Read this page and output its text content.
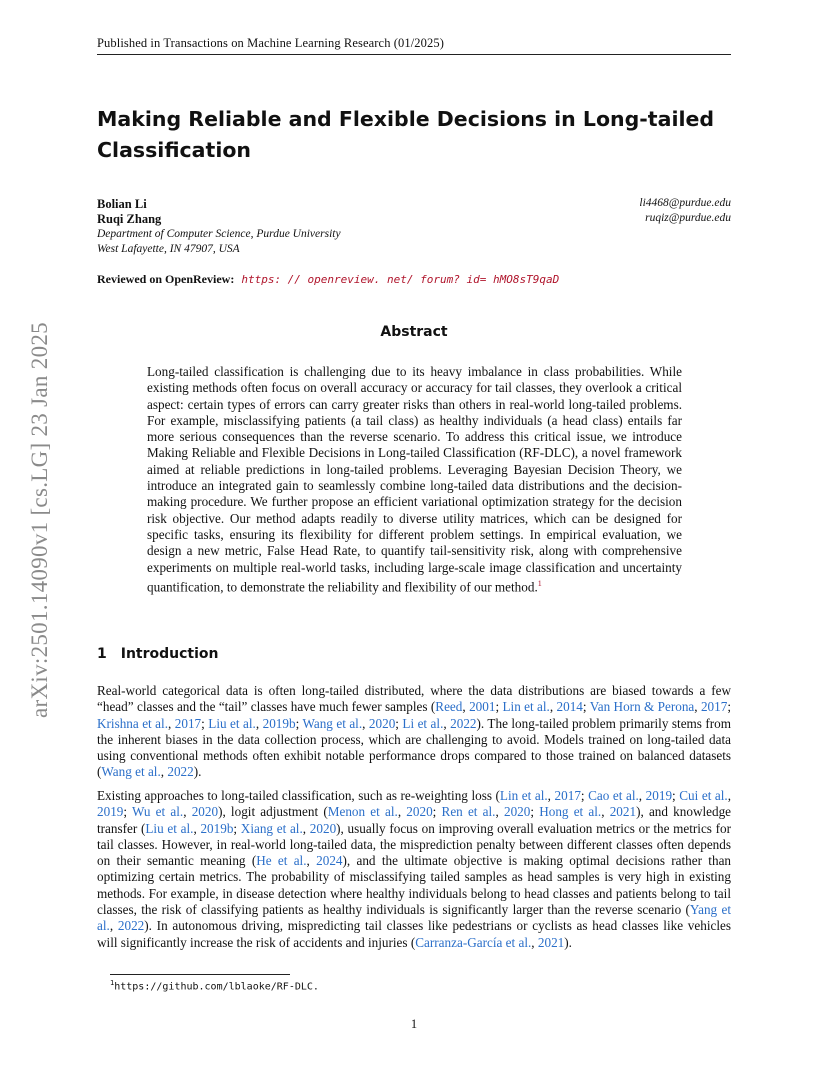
Published in Transactions on Machine Learning Research (01/2025)
arXiv:2501.14090v1 [cs.LG] 23 Jan 2025
Making Reliable and Flexible Decisions in Long-tailed Classification
Bolian Li	li4468@purdue.edu
Ruqi Zhang	ruqiz@purdue.edu
Department of Computer Science, Purdue University
West Lafayette, IN 47907, USA
Reviewed on OpenReview: https: // openreview. net/ forum? id= hMO8sT9qaD
Abstract
Long-tailed classification is challenging due to its heavy imbalance in class probabilities. While existing methods often focus on overall accuracy or accuracy for tail classes, they overlook a critical aspect: certain types of errors can carry greater risks than others in real-world long-tailed problems. For example, misclassifying patients (a tail class) as healthy individuals (a head class) entails far more serious consequences than the reverse scenario. To address this critical issue, we introduce Making Reliable and Flexible Decisions in Long-tailed Classification (RF-DLC), a novel framework aimed at reliable predictions in long-tailed problems. Leveraging Bayesian Decision Theory, we introduce an integrated gain to seamlessly combine long-tailed data distributions and the decision-making procedure. We further propose an efficient variational optimization strategy for the decision risk objective. Our method adapts readily to diverse utility matrices, which can be designed for specific tasks, ensuring its flexibility for different problem settings. In empirical evaluation, we design a new metric, False Head Rate, to quantify tail-sensitivity risk, along with comprehensive experiments on multiple real-world tasks, including large-scale image classification and uncertainty quantification, to demonstrate the reliability and flexibility of our method.$^1$
1 Introduction
Real-world categorical data is often long-tailed distributed, where the data distributions are biased towards a few “head” classes and the “tail” classes have much fewer samples (Reed, 2001; Lin et al., 2014; Van Horn & Perona, 2017; Krishna et al., 2017; Liu et al., 2019b; Wang et al., 2020; Li et al., 2022). The long-tailed problem primarily stems from the inherent biases in the data collection process, which are challenging to avoid. Models trained on long-tailed data using conventional methods often exhibit notable performance drops compared to those trained on balanced datasets (Wang et al., 2022).
Existing approaches to long-tailed classification, such as re-weighting loss (Lin et al., 2017; Cao et al., 2019; Cui et al., 2019; Wu et al., 2020), logit adjustment (Menon et al., 2020; Ren et al., 2020; Hong et al., 2021), and knowledge transfer (Liu et al., 2019b; Xiang et al., 2020), usually focus on improving overall evaluation metrics or the metrics for tail classes. However, in real-world long-tailed data, the misprediction penalty between different classes often depends on their semantic meaning (He et al., 2024), and the ultimate objective is making optimal decisions rather than optimizing certain metrics. The probability of misclassifying tailed samples as head samples is very high in existing methods. For example, in disease detection where healthy individuals belong to head classes and patients belong to tail classes, the risk of classifying patients as healthy individuals is significantly larger than the reverse scenario (Yang et al., 2022). In autonomous driving, mispredicting tail classes like pedestrians or cyclists as head classes like vehicles will significantly increase the risk of accidents and injuries (Carranza-García et al., 2021).
$^1$https://github.com/lblaoke/RF-DLC.
1
